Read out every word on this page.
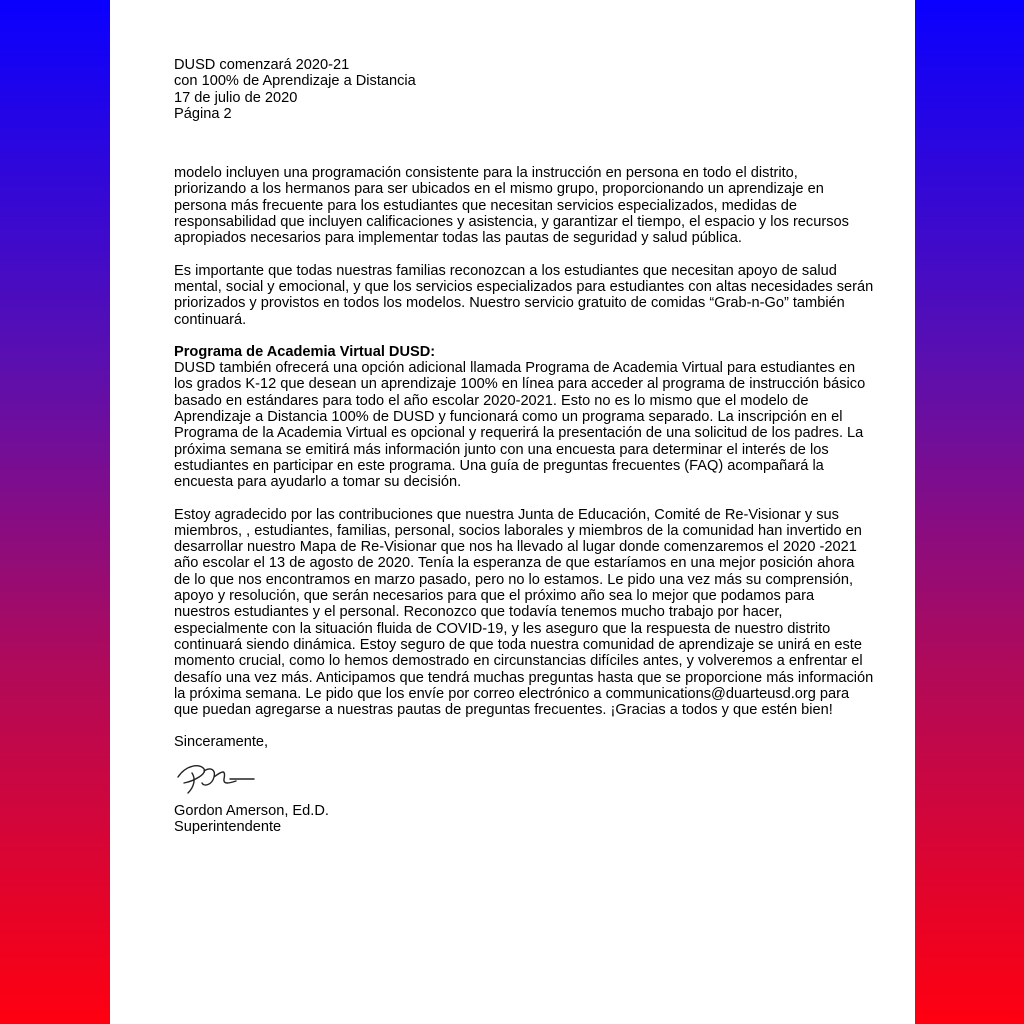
DUSD comenzará 2020-21
con 100% de Aprendizaje a Distancia
17 de julio de 2020
Página 2

modelo incluyen una programación consistente para la instrucción en persona en todo el distrito, priorizando a los hermanos para ser ubicados en el mismo grupo, proporcionando un aprendizaje en persona más frecuente para los estudiantes que necesitan servicios especializados, medidas de responsabilidad que incluyen calificaciones y asistencia, y garantizar el tiempo, el espacio y los recursos apropiados necesarios para implementar todas las pautas de seguridad y salud pública.

Es importante que todas nuestras familias reconozcan a los estudiantes que necesitan apoyo de salud mental, social y emocional, y que los servicios especializados para estudiantes con altas necesidades serán priorizados y provistos en todos los modelos. Nuestro servicio gratuito de comidas “Grab-n-Go” también continuará.

Programa de Academia Virtual DUSD:

DUSD también ofrecerá una opción adicional llamada Programa de Academia Virtual para estudiantes en los grados K-12 que desean un aprendizaje 100% en línea para acceder al programa de instrucción básico basado en estándares para todo el año escolar 2020-2021. Esto no es lo mismo que el modelo de Aprendizaje a Distancia 100% de DUSD y funcionará como un programa separado. La inscripción en el Programa de la Academia Virtual es opcional y requerirá la presentación de una solicitud de los padres. La próxima semana se emitirá más información junto con una encuesta para determinar el interés de los estudiantes en participar en este programa. Una guía de preguntas frecuentes (FAQ) acompañará la encuesta para ayudarlo a tomar su decisión.

Estoy agradecido por las contribuciones que nuestra Junta de Educación, Comité de Re-Visionar y sus miembros, , estudiantes, familias, personal, socios laborales y miembros de la comunidad han invertido en desarrollar nuestro Mapa de Re-Visionar que nos ha llevado al lugar donde comenzaremos el 2020 -2021 año escolar el 13 de agosto de 2020. Tenía la esperanza de que estaríamos en una mejor posición ahora de lo que nos encontramos en marzo pasado, pero no lo estamos. Le pido una vez más su comprensión, apoyo y resolución, que serán necesarios para que el próximo año sea lo mejor que podamos para nuestros estudiantes y el personal. Reconozco que todavía tenemos mucho trabajo por hacer, especialmente con la situación fluida de COVID-19, y les aseguro que la respuesta de nuestro distrito continuará siendo dinámica. Estoy seguro de que toda nuestra comunidad de aprendizaje se unirá en este momento crucial, como lo hemos demostrado en circunstancias difíciles antes, y volveremos a enfrentar el desafío una vez más. Anticipamos que tendrá muchas preguntas hasta que se proporcione más información la próxima semana. Le pido que los envíe por correo electrónico a communications@duarteusd.org para que puedan agregarse a nuestras pautas de preguntas frecuentes. ¡Gracias a todos y que estén bien!

Sinceramente,

Gordon Amerson, Ed.D.

Superintendente
